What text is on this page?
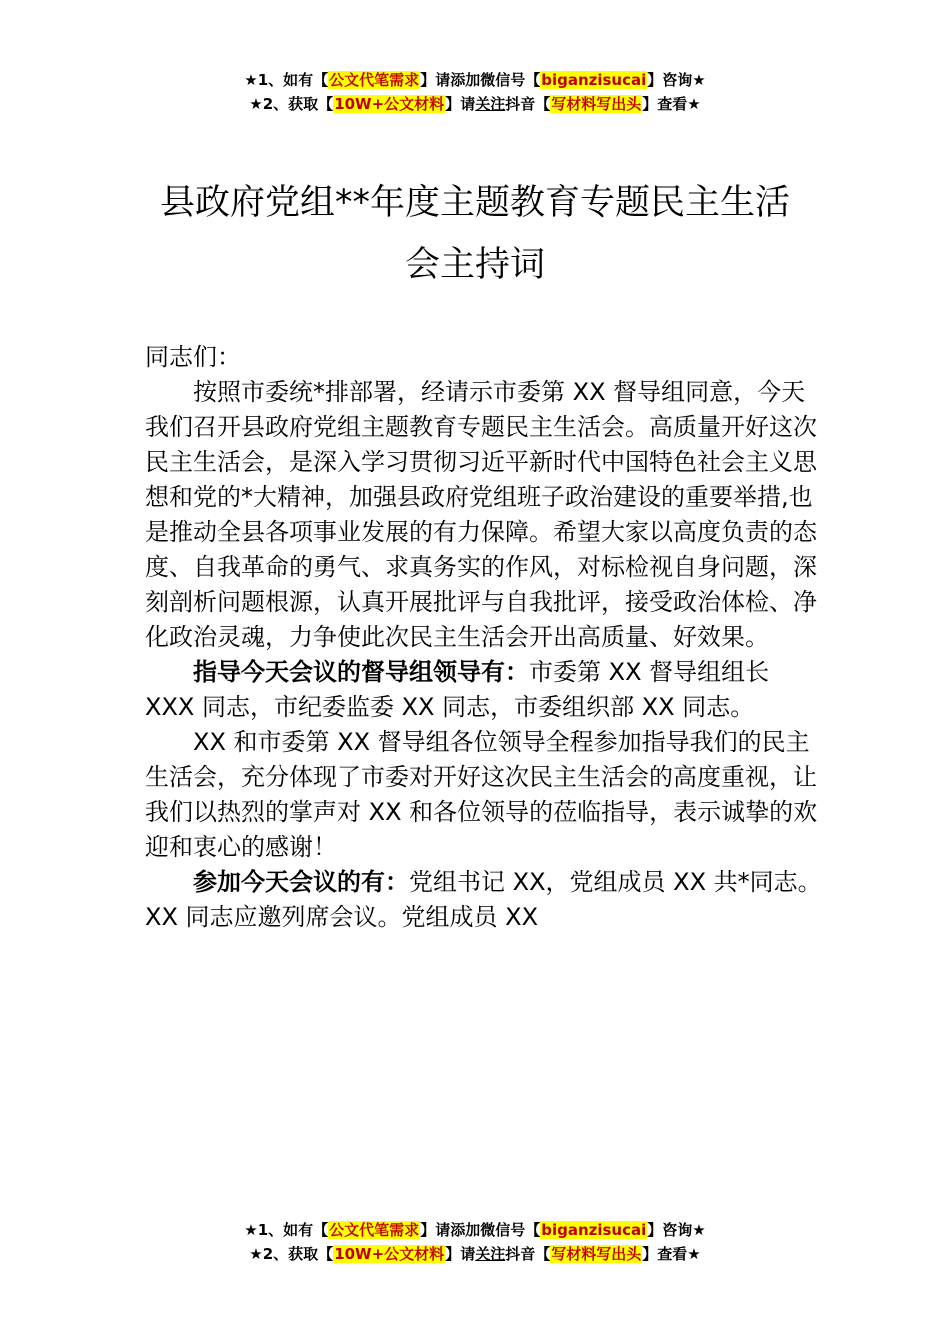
★1、如有【公文代笔需求】请添加微信号【biganzisucai】咨询★
★2、获取【10W+公文材料】请关注抖音【写材料写出头】查看★
县政府党组**年度主题教育专题民主生活
会主持词

同志们：

按照市委统*排部署，经请示市委第 XX 督导组同意，今天我们召开县政府党组主题教育专题民主生活会。高质量开好这次民主生活会，是深入学习贯彻习近平新时代中国特色社会主义思想和党的*大精神，加强县政府党组班子政治建设的重要举措,也是推动全县各项事业发展的有力保障。希望大家以高度负责的态度、自我革命的勇气、求真务实的作风，对标检视自身问题，深刻剖析问题根源，认真开展批评与自我批评，接受政治体检、净化政治灵魂，力争使此次民主生活会开出高质量、好效果。

指导今天会议的督导组领导有：市委第 XX 督导组组长 XXX 同志，市纪委监委 XX 同志，市委组织部 XX 同志。

XX 和市委第 XX 督导组各位领导全程参加指导我们的民主生活会，充分体现了市委对开好这次民主生活会的高度重视，让我们以热烈的掌声对 XX 和各位领导的莅临指导，表示诚挚的欢迎和衷心的感谢！

参加今天会议的有：党组书记 XX，党组成员 XX 共*同志。XX 同志应邀列席会议。党组成员 XX

★1、如有【公文代笔需求】请添加微信号【biganzisucai】咨询★
★2、获取【10W+公文材料】请关注抖音【写材料写出头】查看★
